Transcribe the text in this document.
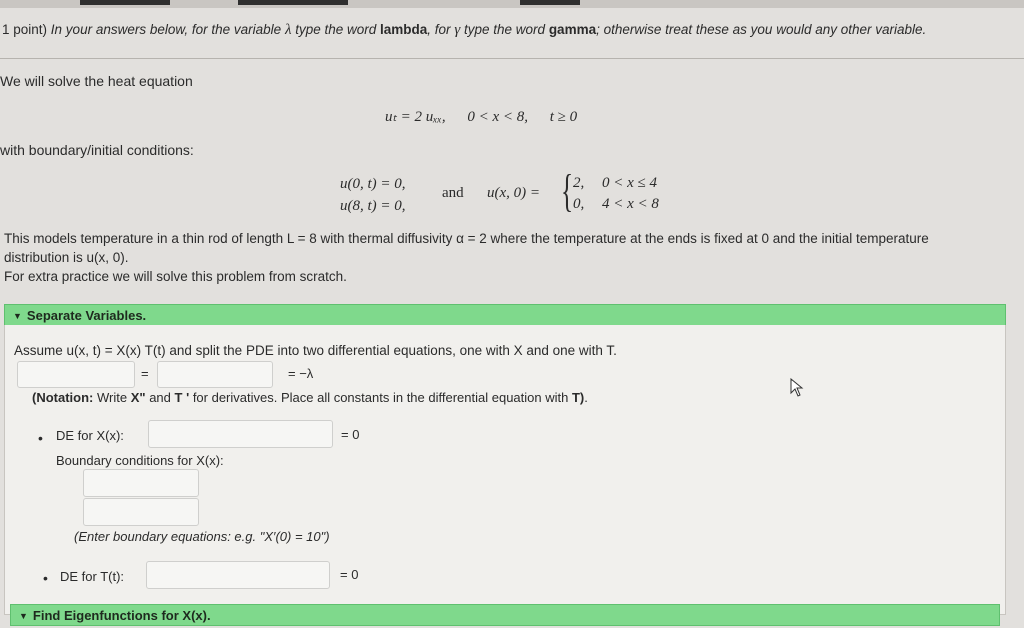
1 point) In your answers below, for the variable λ type the word lambda, for γ type the word gamma; otherwise treat these as you would any other variable.
We will solve the heat equation
uₜ = 2 uₓₓ, 0 < x < 8, t ≥ 0
with boundary/initial conditions:
u(0, t) = 0,
u(8, t) = 0,
and u(x, 0) = { 2, 0 < x ≤ 4
0, 4 < x < 8
This models temperature in a thin rod of length L = 8 with thermal diffusivity α = 2 where the temperature at the ends is fixed at 0 and the initial temperature
distribution is u(x, 0).
For extra practice we will solve this problem from scratch.
▼ Separate Variables.
Assume u(x, t) = X(x) T(t) and split the PDE into two differential equations, one with X and one with T.
=	= −λ
(Notation: Write X" and T ' for derivatives. Place all constants in the differential equation with T).
• DE for X(x):	= 0
Boundary conditions for X(x):
(Enter boundary equations: e.g. "X′(0) = 10")
• DE for T(t):	= 0
▼ Find Eigenfunctions for X(x).
